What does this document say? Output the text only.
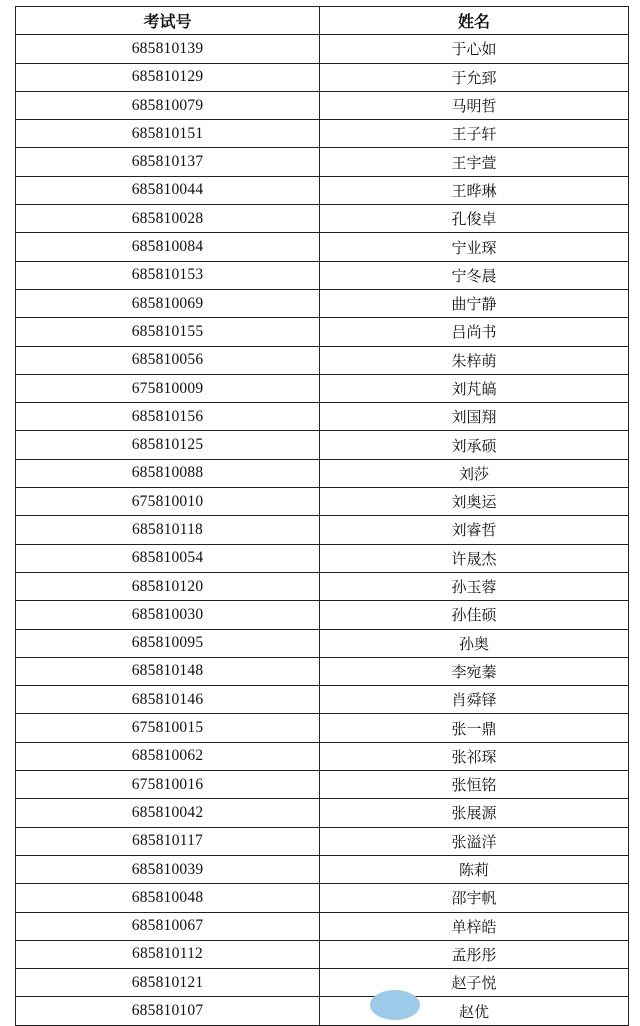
考试号	姓名
685810139	于心如
685810129	于允郅
685810079	马明哲
685810151	王子轩
685810137	王宇萱
685810044	王晔琳
685810028	孔俊卓
685810084	宁业琛
685810153	宁冬晨
685810069	曲宁静
685810155	吕尚书
685810056	朱梓萌
675810009	刘芃皜
685810156	刘国翔
685810125	刘承硕
685810088	刘莎
675810010	刘奥运
685810118	刘睿哲
685810054	许晟杰
685810120	孙玉蓉
685810030	孙佳硕
685810095	孙奥
685810148	李宛蓁
685810146	肖舜铎
675810015	张一鼎
685810062	张祁琛
675810016	张恒铭
685810042	张展源
685810117	张溢洋
685810039	陈莉
685810048	邵宇帆
685810067	单梓皓
685810112	孟彤彤
685810121	赵子悦
685810107	赵优
